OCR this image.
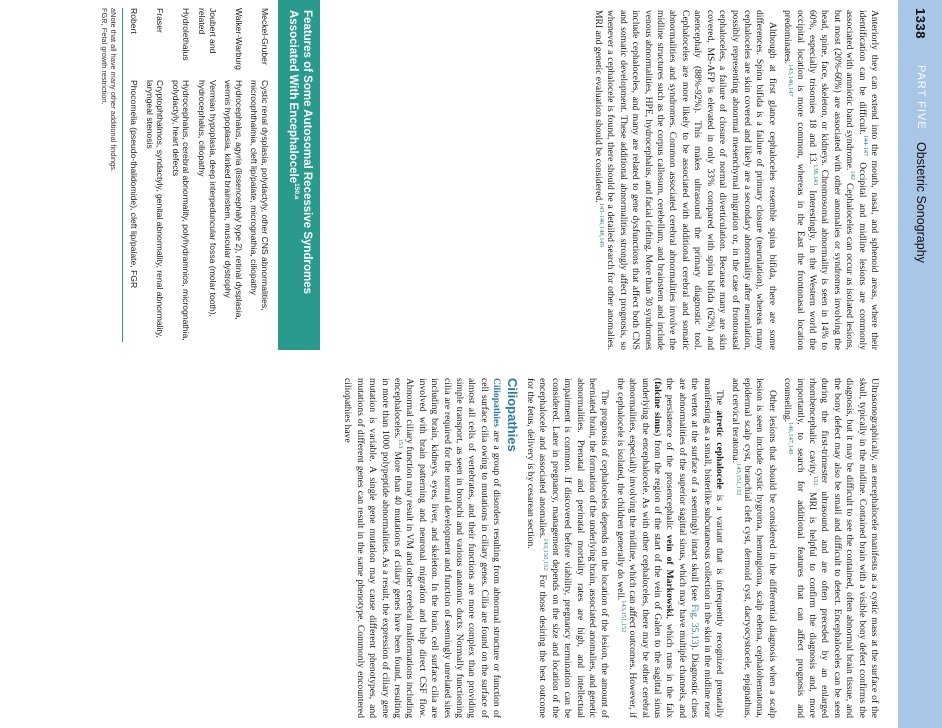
1338
PART FIVE
Obstetric Sonography

Anteriorly they can extend into the mouth, nasal, and sphenoid areas, where their identification can be difficult.$^{144-147}$ Occipital and midline lesions are commonly associated with amniotic band syndrome.$^{142}$ Cephaloceles can occur as isolated lesions, but most (20%-60%) are associated with other anomalies or syndromes involving the head, spine, face, skeleton, or kidneys. Chromosomal abnormality is seen in 14% to 60%, especially trisomies 18 and 13.$^{138,143}$ Interestingly, in the Western world the occipital location is more common, whereas in the East the frontonasal location predominates.$^{143,146,147}$

Although at first glance cephaloceles resemble spina bifida, there are some differences. Spina bifida is a failure of primary closure (neurulation), whereas many cephaloceles are skin covered and likely are a secondary abnormality after neurulation, possibly representing abnormal mesenchymal migration or, in the case of frontonasal cephaloceles, a failure of closure of normal diverticulation. Because many are skin covered, MS-AFP is elevated in only 33% compared with spina bifida (62%) and anencephaly (88%-92%). This makes ultrasound the primary diagnostic tool. Cephaloceles are more likely to be associated with additional cerebral and somatic abnormalities and syndromes. Common associated cerebral abnormalities involve the midline structures such as the corpus callosum, cerebellum, and brainstem and include venous abnormalities, HPE, hydrocephalus, and facial clefting. More than 30 syndromes include cephaloceles, and many are related to gene dysfunctions that affect both CNS and somatic development. These additional abnormalities strongly affect prognosis, so whenever a cephalocele is found, there should be a detailed search for other anomalies. MRI and genetic evaluation should be considered.$^{143-146,148,149}$

Features of Some Autosomal Recessive Syndromes Associated With Encephalocele$^{150,a}$
Meckel-Gruber
Cystic renal dysplasia, polydactyly, other CNS abnormalities, microophthalmia, cleft lip/palate, micrognathia, ciliopathy
Walker-Warburg
Hydrocephalus, agyria (lissencephaly type 2), retinal dysplasia, vermis hypoplasia, kinked brainstem, muscular dystrophy
Joubert and related
Vermian hypoplasia, deep interpeduncular fossa (molar tooth), hydrocephalus, ciliopathy
Hydrolethalus
Hydrocephalus, cerebral abnormality, polyhydramnios, micrognathia, polydactyly, heart defects
Fraser
Cryptophthalmos, syndactyly, genital abnormality, renal abnormality, laryngeal stenosis
Robert
Phocomelia (pseudo-thalidomide), cleft lip/palate, FGR
aNote that all have many other additional findings.
FGR, Fetal growth restriction.

Ultrasonographically, an encephalocele manifests as a cystic mass at the surface of the skull, typically in the midline. Contained brain with a visible bony defect confirms the diagnosis, but it may be difficult to see the contained, often abnormal brain tissue, and the bony defect may also be small and difficult to detect. Encephaloceles can be seen during the first-trimester ultrasound and are often preceded by an enlarged rhombencephalic cavity.$^{152}$ MRI is helpful to confirm the diagnosis and, more importantly, to search for additional features that can affect prognosis and counseling.$^{146,147,149}$

Other lesions that should be considered in the differential diagnosis when a scalp lesion is seen include cystic hygroma, hemangioma, scalp edema, cephalohematoma, epidermal scalp cyst, branchial cleft cyst, dermoid cyst, dacryocystocele, epignathus, and cervical teratoma.$^{143,151,152}$

The atretic cephalocele is a variant that is infrequently recognized prenatally manifesting as a small, bisterlike subcutaneous collection in the skin in the midline near the vertex at the surface of a seemingly intact skull (see Fig. 35.13). Diagnostic clues are abnormalities of the superior sagittal sinus, which may have multiple channels, and the persistence of the prosencephalic vein of Markowski, which runs in the falx (falcine sinus) from the region of the start of the vein of Galen to the sagittal sinus underlying the encephalocele. As with other cephaloceles, there may be other cerebral abnormalities, especially involving the midline, which can affect outcomes. However, if the cephalocele is isolated, the children generally do well.$^{143,151,152}$

The prognosis of cephaloceles depends on the location of the lesion, the amount of herniated brain, the formation of the underlying brain, associated anomalies, and genetic abnormalities. Prenatal and perinatal mortality rates are high, and intellectual impairment is common. If discovered before viability, pregnancy termination can be considered. Later in pregnancy, management depends on the size and location of the encephalocele and associated anomalies.$^{143,150,152}$ For those desiring the best outcome for the fetus, delivery is by cesarean section.

Ciliopathies

Ciliopathies are a group of disorders resulting from abnormal structure or function of cell surface cilia owing to mutations in ciliary genes. Cilia are found on the surface of almost all cells of vertebrates, and their functions are more complex than providing simple transport, as seen in bronchi and various anatomic ducts. Normally functioning cilia are required for the normal development and function of seemingly unrelated sites including brain, kidneys, eyes, liver, and skeleton. In the brain, cell surface cilia are involved with brain patterning and neuronal migration and help direct CSF flow. Abnormal ciliary function may result in VM and other cerebral malformations including encephaloceles.$^{153}$ More than 40 mutations of ciliary genes have been found, resulting in more than 1000 polypeptide abnormalities. As a result, the expression of ciliary gene mutation is variable. A single gene mutation may cause different phenotypes, and mutations of different genes can result in the same phenotype. Commonly encountered ciliopathies have
